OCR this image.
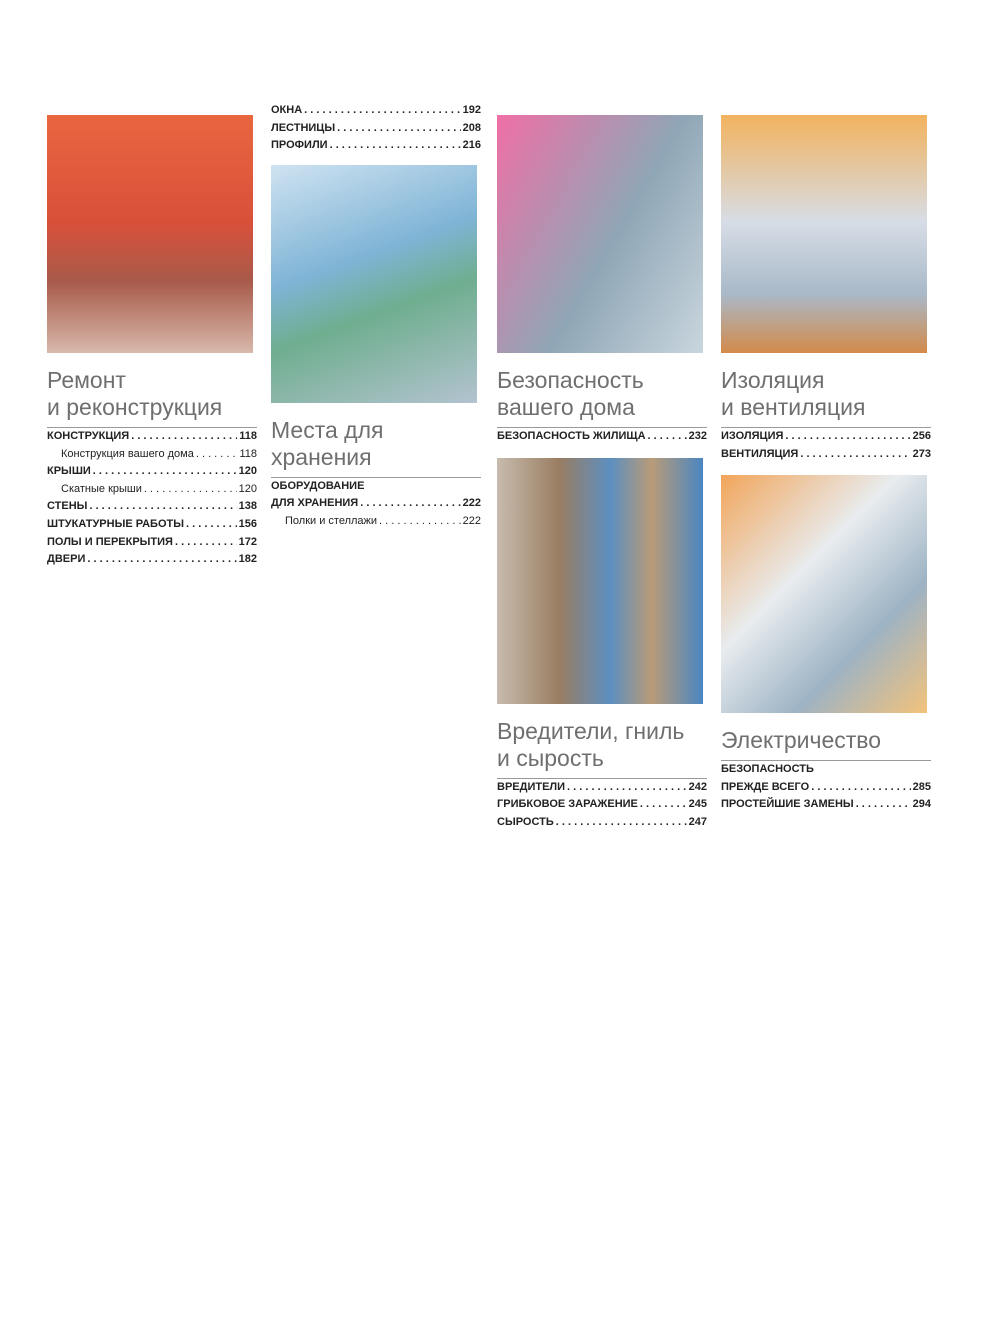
Ремонт
и реконструкция
КОНСТРУКЦИЯ . . .	118
Конструкция вашего дома . . .	118
КРЫШИ . . .	120
Скатные крыши . . .	120
СТЕНЫ . . .	138
ШТУКАТУРНЫЕ РАБОТЫ . . .	156
ПОЛЫ И ПЕРЕКРЫТИЯ . . .	172
ДВЕРИ . . .	182
ОКНА . . .	192
ЛЕСТНИЦЫ . . .	208
ПРОФИЛИ . . .	216
Места для хранения
ОБОРУДОВАНИЕ
ДЛЯ ХРАНЕНИЯ . . .	222
Полки и стеллажи . . .	222
Безопасность
вашего дома
БЕЗОПАСНОСТЬ ЖИЛИЩА . . .	232
Вредители, гниль
и сырость
ВРЕДИТЕЛИ . . .	242
ГРИБКОВОЕ ЗАРАЖЕНИЕ . . .	245
СЫРОСТЬ . . .	247
Изоляция
и вентиляция
ИЗОЛЯЦИЯ . . .	256
ВЕНТИЛЯЦИЯ . . .	273
Электричество
БЕЗОПАСНОСТЬ
ПРЕЖДЕ ВСЕГО . . .	285
ПРОСТЕЙШИЕ ЗАМЕНЫ . . .	294
